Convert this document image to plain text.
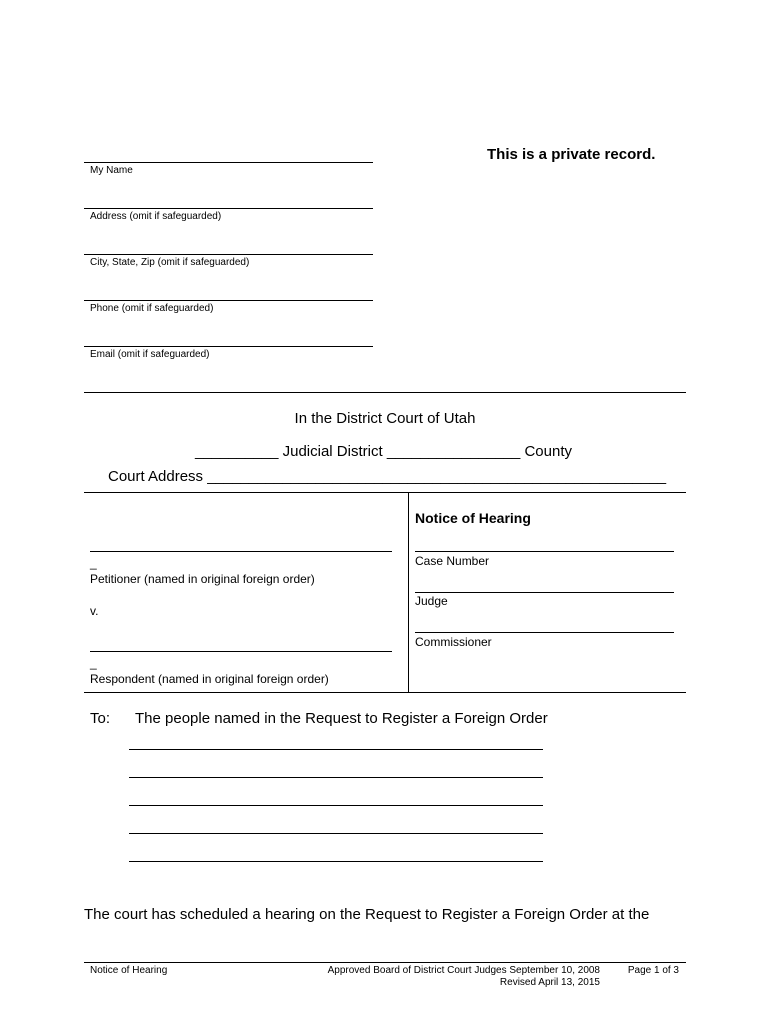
This is a private record.
My Name
Address (omit if safeguarded)
City, State, Zip (omit if safeguarded)
Phone (omit if safeguarded)
Email (omit if safeguarded)
In the District Court of Utah
__________ Judicial District ________________ County
Court Address _______________________________________________________
_
Petitioner (named in original foreign order)
v.
_
Respondent (named in original foreign order)
Notice of Hearing
Case Number
Judge
Commissioner
To: The people named in the Request to Register a Foreign Order
The court has scheduled a hearing on the Request to Register a Foreign Order at the
Notice of Hearing	Approved Board of District Court Judges September 10, 2008
Revised April 13, 2015
Page 1 of 3
